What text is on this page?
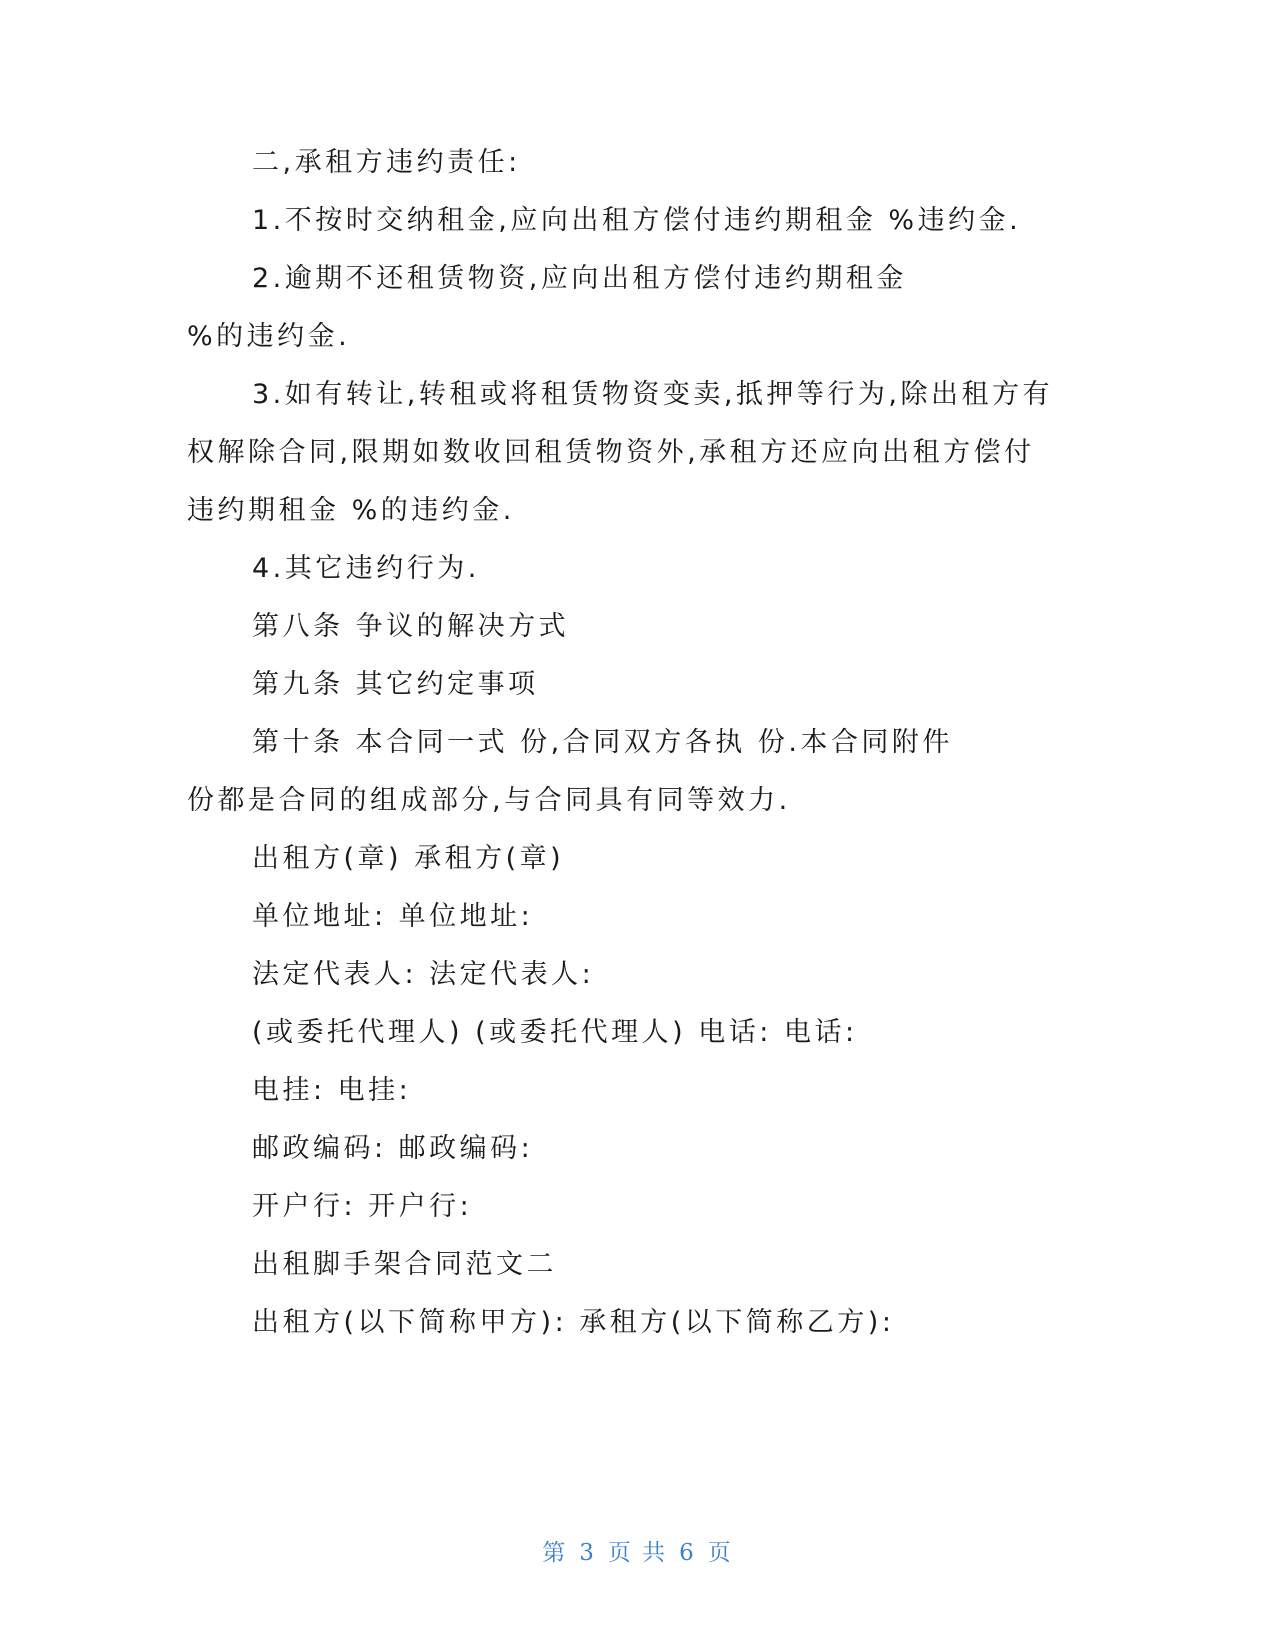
二,承租方违约责任:
1.不按时交纳租金,应向出租方偿付违约期租金 %违约金.
2.逾期不还租赁物资,应向出租方偿付违约期租金
%的违约金.
3.如有转让,转租或将租赁物资变卖,抵押等行为,除出租方有
权解除合同,限期如数收回租赁物资外,承租方还应向出租方偿付
违约期租金 %的违约金.
4.其它违约行为.
第八条 争议的解决方式
第九条 其它约定事项
第十条 本合同一式 份,合同双方各执 份.本合同附件
份都是合同的组成部分,与合同具有同等效力.
出租方(章) 承租方(章)
单位地址: 单位地址:
法定代表人: 法定代表人:
(或委托代理人) (或委托代理人) 电话: 电话:
电挂: 电挂:
邮政编码: 邮政编码:
开户行: 开户行:
出租脚手架合同范文二
出租方(以下简称甲方): 承租方(以下简称乙方):
第 3 页 共 6 页
